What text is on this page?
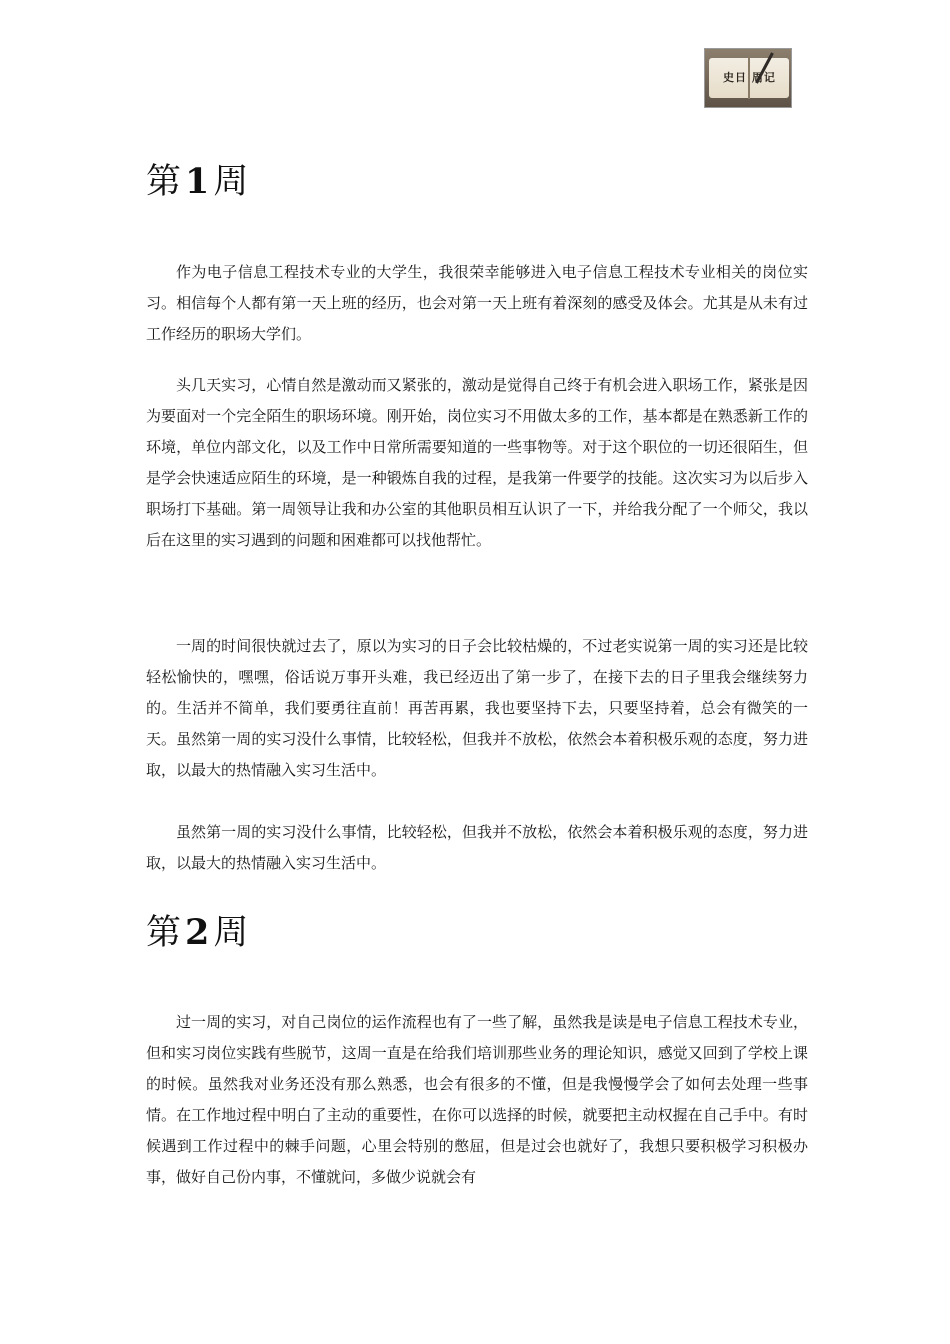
史日 周记
第 1 周

作为电子信息工程技术专业的大学生，我很荣幸能够进入电子信息工程技术专业相关的岗位实习。相信每个人都有第一天上班的经历，也会对第一天上班有着深刻的感受及体会。尤其是从未有过工作经历的职场大学们。

头几天实习，心情自然是激动而又紧张的，激动是觉得自己终于有机会进入职场工作，紧张是因为要面对一个完全陌生的职场环境。刚开始，岗位实习不用做太多的工作，基本都是在熟悉新工作的环境，单位内部文化，以及工作中日常所需要知道的一些事物等。对于这个职位的一切还很陌生，但是学会快速适应陌生的环境，是一种锻炼自我的过程，是我第一件要学的技能。这次实习为以后步入职场打下基础。第一周领导让我和办公室的其他职员相互认识了一下，并给我分配了一个师父，我以后在这里的实习遇到的问题和困难都可以找他帮忙。

一周的时间很快就过去了，原以为实习的日子会比较枯燥的，不过老实说第一周的实习还是比较轻松愉快的，嘿嘿，俗话说万事开头难，我已经迈出了第一步了，在接下去的日子里我会继续努力的。生活并不简单，我们要勇往直前！再苦再累，我也要坚持下去，只要坚持着，总会有微笑的一天。虽然第一周的实习没什么事情，比较轻松，但我并不放松，依然会本着积极乐观的态度，努力进取，以最大的热情融入实习生活中。

虽然第一周的实习没什么事情，比较轻松，但我并不放松，依然会本着积极乐观的态度，努力进取，以最大的热情融入实习生活中。

第 2 周

过一周的实习，对自己岗位的运作流程也有了一些了解，虽然我是读是电子信息工程技术专业，但和实习岗位实践有些脱节，这周一直是在给我们培训那些业务的理论知识，感觉又回到了学校上课的时候。虽然我对业务还没有那么熟悉，也会有很多的不懂，但是我慢慢学会了如何去处理一些事情。在工作地过程中明白了主动的重要性，在你可以选择的时候，就要把主动权握在自己手中。有时候遇到工作过程中的棘手问题，心里会特别的憋屈，但是过会也就好了，我想只要积极学习积极办事，做好自己份内事，不懂就问，多做少说就会有
